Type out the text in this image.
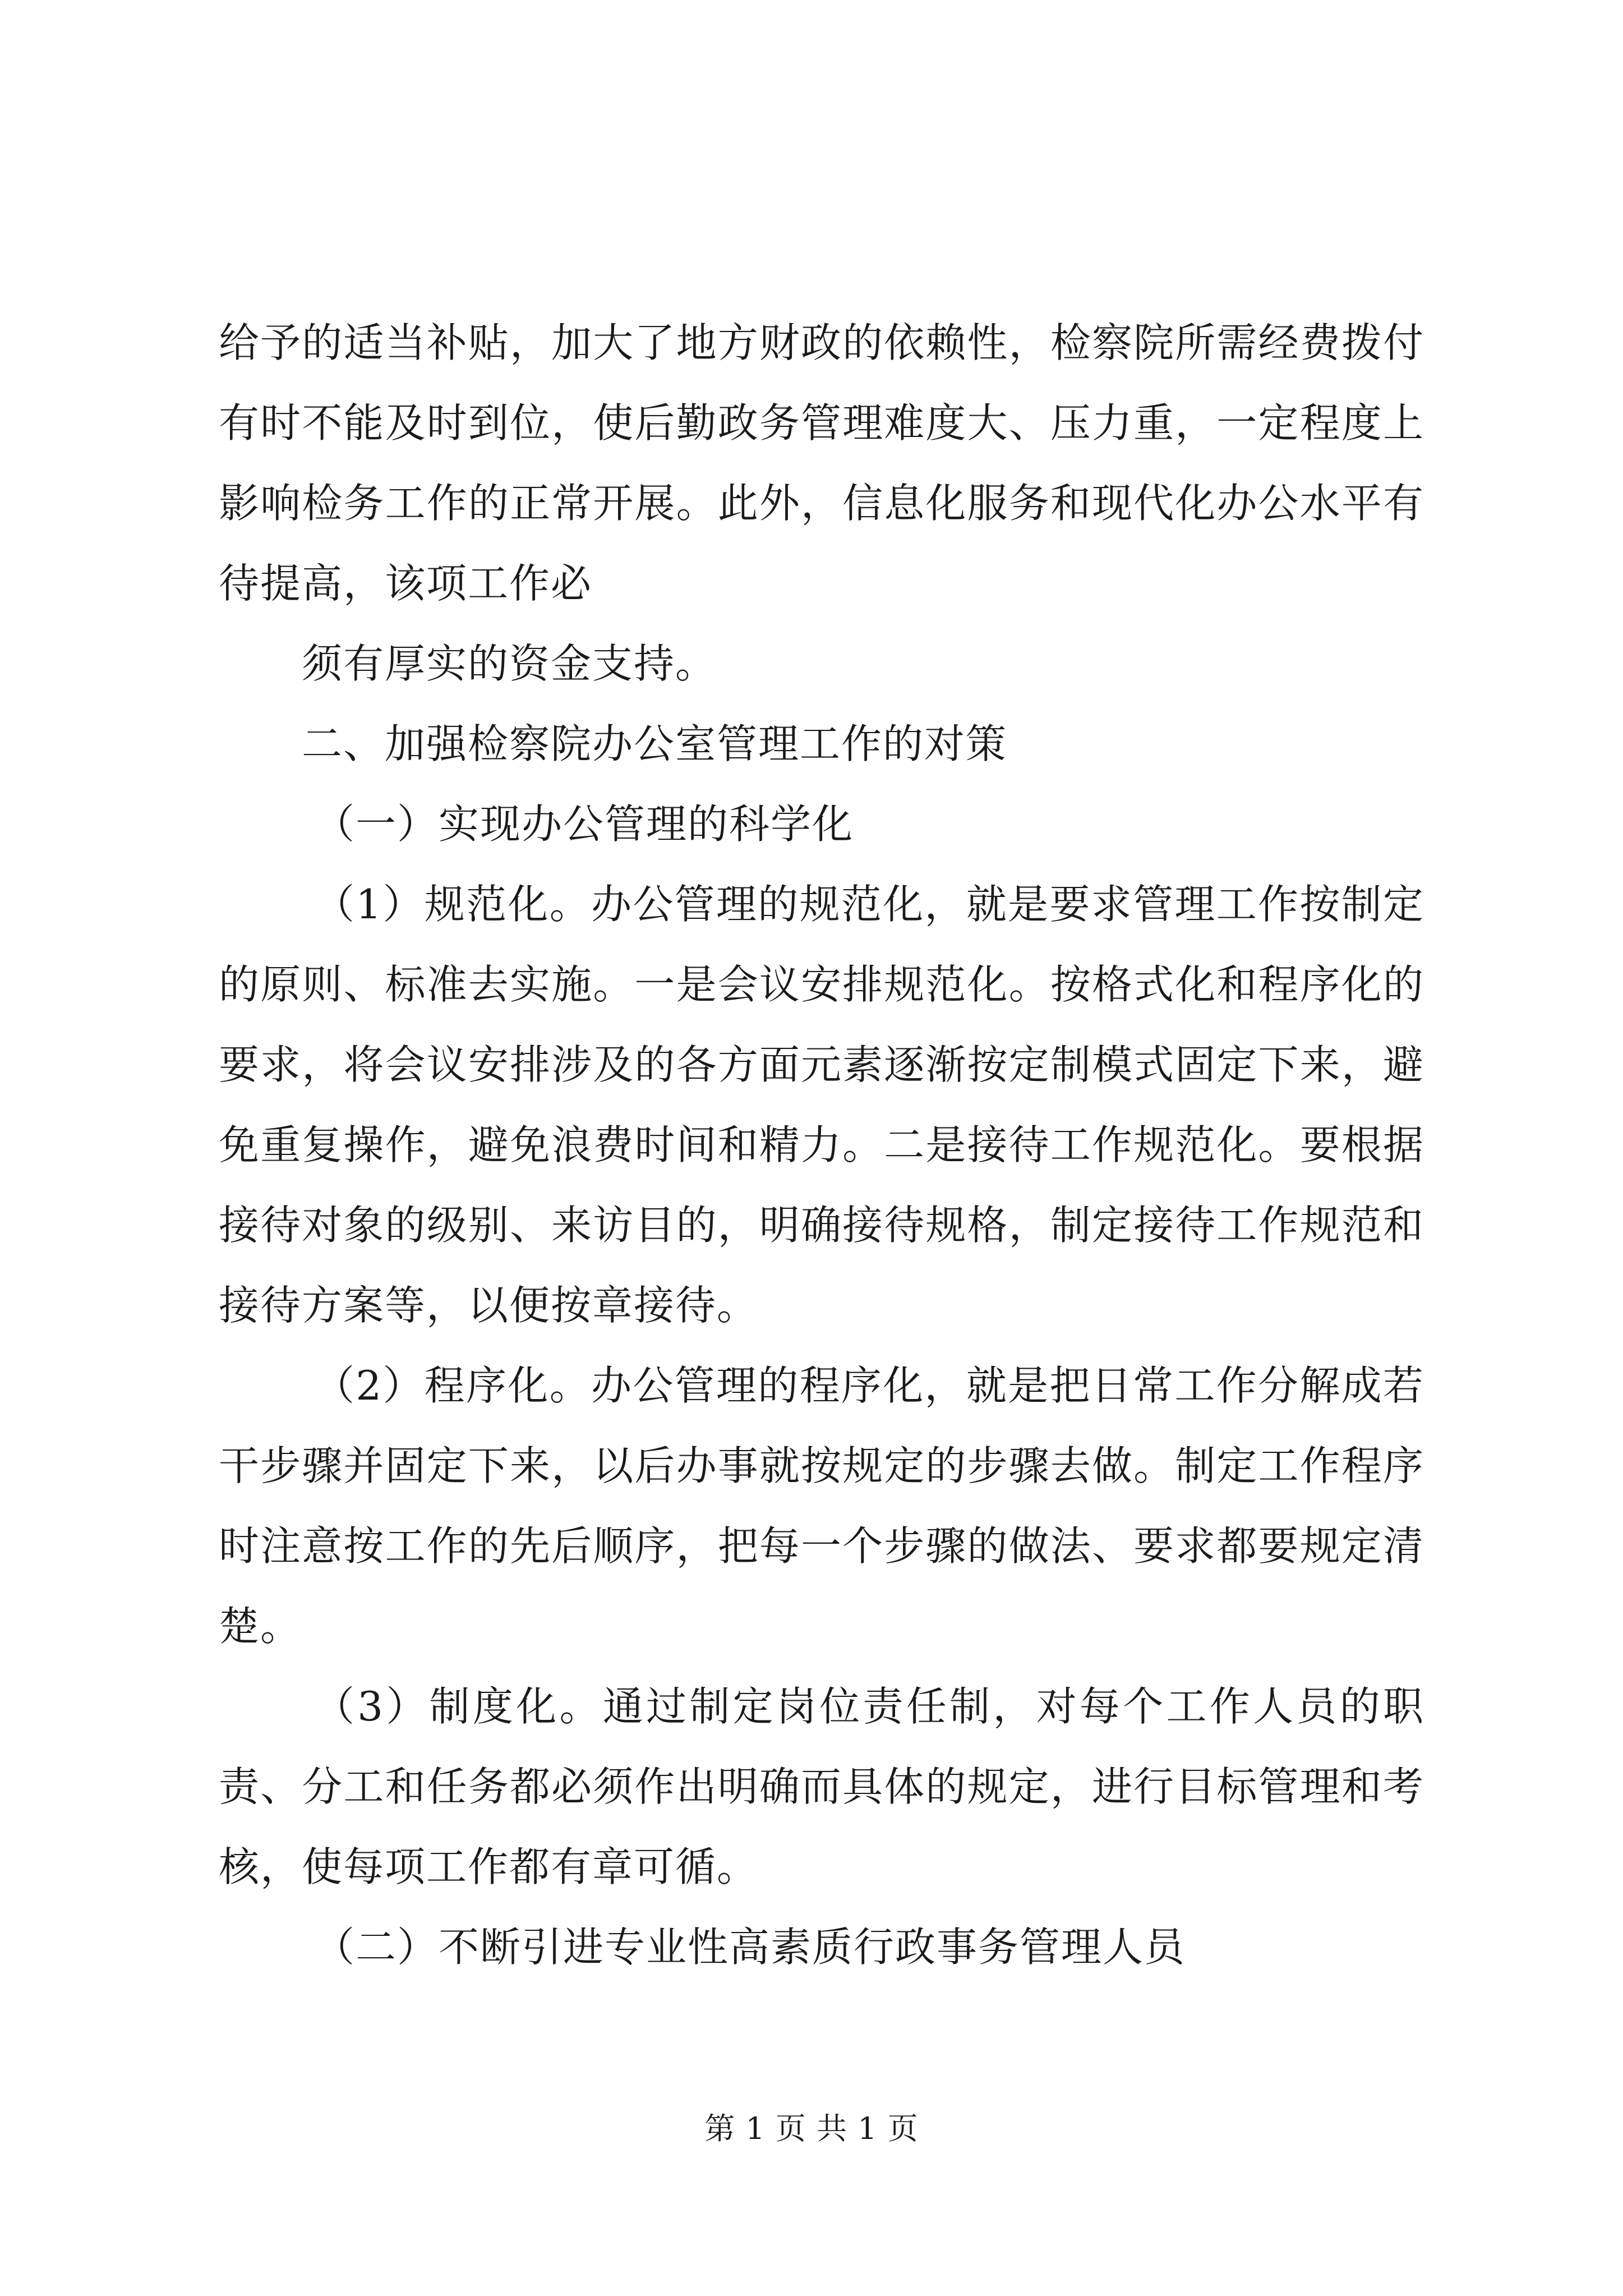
给予的适当补贴，加大了地方财政的依赖性，检察院所需经费拨付有时不能及时到位，使后勤政务管理难度大、压力重，一定程度上影响检务工作的正常开展。此外，信息化服务和现代化办公水平有待提高，该项工作必

须有厚实的资金支持。

二、加强检察院办公室管理工作的对策

（一）实现办公管理的科学化

（1）规范化。办公管理的规范化，就是要求管理工作按制定的原则、标准去实施。一是会议安排规范化。按格式化和程序化的要求，将会议安排涉及的各方面元素逐渐按定制模式固定下来，避免重复操作，避免浪费时间和精力。二是接待工作规范化。要根据接待对象的级别、来访目的，明确接待规格，制定接待工作规范和接待方案等，以便按章接待。

（2）程序化。办公管理的程序化，就是把日常工作分解成若干步骤并固定下来，以后办事就按规定的步骤去做。制定工作程序时注意按工作的先后顺序，把每一个步骤的做法、要求都要规定清楚。

（3）制度化。通过制定岗位责任制，对每个工作人员的职责、分工和任务都必须作出明确而具体的规定，进行目标管理和考核，使每项工作都有章可循。

（二）不断引进专业性高素质行政事务管理人员

第 1 页 共 1 页
